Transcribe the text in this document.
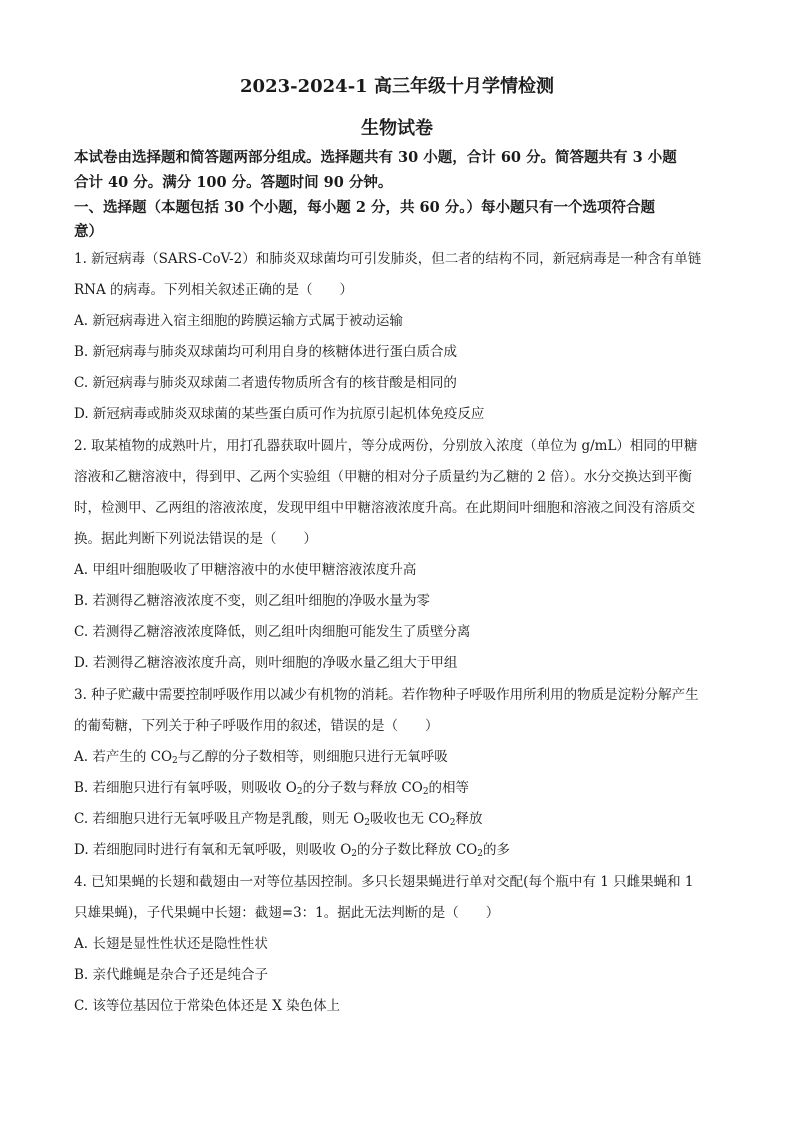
2023-2024-1 高三年级十月学情检测
生物试卷
本试卷由选择题和简答题两部分组成。选择题共有 30 小题，合计 60 分。简答题共有 3 小题
合计 40 分。满分 100 分。答题时间 90 分钟。
一、选择题（本题包括 30 个小题，每小题 2 分，共 60 分。）每小题只有一个选项符合题
意）
1. 新冠病毒（SARS-CoV-2）和肺炎双球菌均可引发肺炎，但二者的结构不同，新冠病毒是一种含有单链
RNA 的病毒。下列相关叙述正确的是（　　）
A. 新冠病毒进入宿主细胞的跨膜运输方式属于被动运输
B. 新冠病毒与肺炎双球菌均可利用自身的核糖体进行蛋白质合成
C. 新冠病毒与肺炎双球菌二者遗传物质所含有的核苷酸是相同的
D. 新冠病毒或肺炎双球菌的某些蛋白质可作为抗原引起机体免疫反应
2. 取某植物的成熟叶片，用打孔器获取叶圆片，等分成两份，分别放入浓度（单位为 g/mL）相同的甲糖
溶液和乙糖溶液中，得到甲、乙两个实验组（甲糖的相对分子质量约为乙糖的 2 倍）。水分交换达到平衡
时，检测甲、乙两组的溶液浓度，发现甲组中甲糖溶液浓度升高。在此期间叶细胞和溶液之间没有溶质交
换。据此判断下列说法错误的是（　　）
A. 甲组叶细胞吸收了甲糖溶液中的水使甲糖溶液浓度升高
B. 若测得乙糖溶液浓度不变，则乙组叶细胞的净吸水量为零
C. 若测得乙糖溶液浓度降低，则乙组叶肉细胞可能发生了质壁分离
D. 若测得乙糖溶液浓度升高，则叶细胞的净吸水量乙组大于甲组
3. 种子贮藏中需要控制呼吸作用以减少有机物的消耗。若作物种子呼吸作用所利用的物质是淀粉分解产生
的葡萄糖，下列关于种子呼吸作用的叙述，错误的是（　　）
A. 若产生的 $CO_2$与乙醇的分子数相等，则细胞只进行无氧呼吸
B. 若细胞只进行有氧呼吸，则吸收 $O_2$的分子数与释放 $CO_2$的相等
C. 若细胞只进行无氧呼吸且产物是乳酸，则无 $O_2$吸收也无 $CO_2$释放
D. 若细胞同时进行有氧和无氧呼吸，则吸收 $O_2$的分子数比释放 $CO_2$的多
4. 已知果蝇的长翅和截翅由一对等位基因控制。多只长翅果蝇进行单对交配(每个瓶中有 1 只雌果蝇和 1
只雄果蝇)，子代果蝇中长翅：截翅=3：1。据此无法判断的是（　　）
A. 长翅是显性性状还是隐性性状
B. 亲代雌蝇是杂合子还是纯合子
C. 该等位基因位于常染色体还是 X 染色体上
